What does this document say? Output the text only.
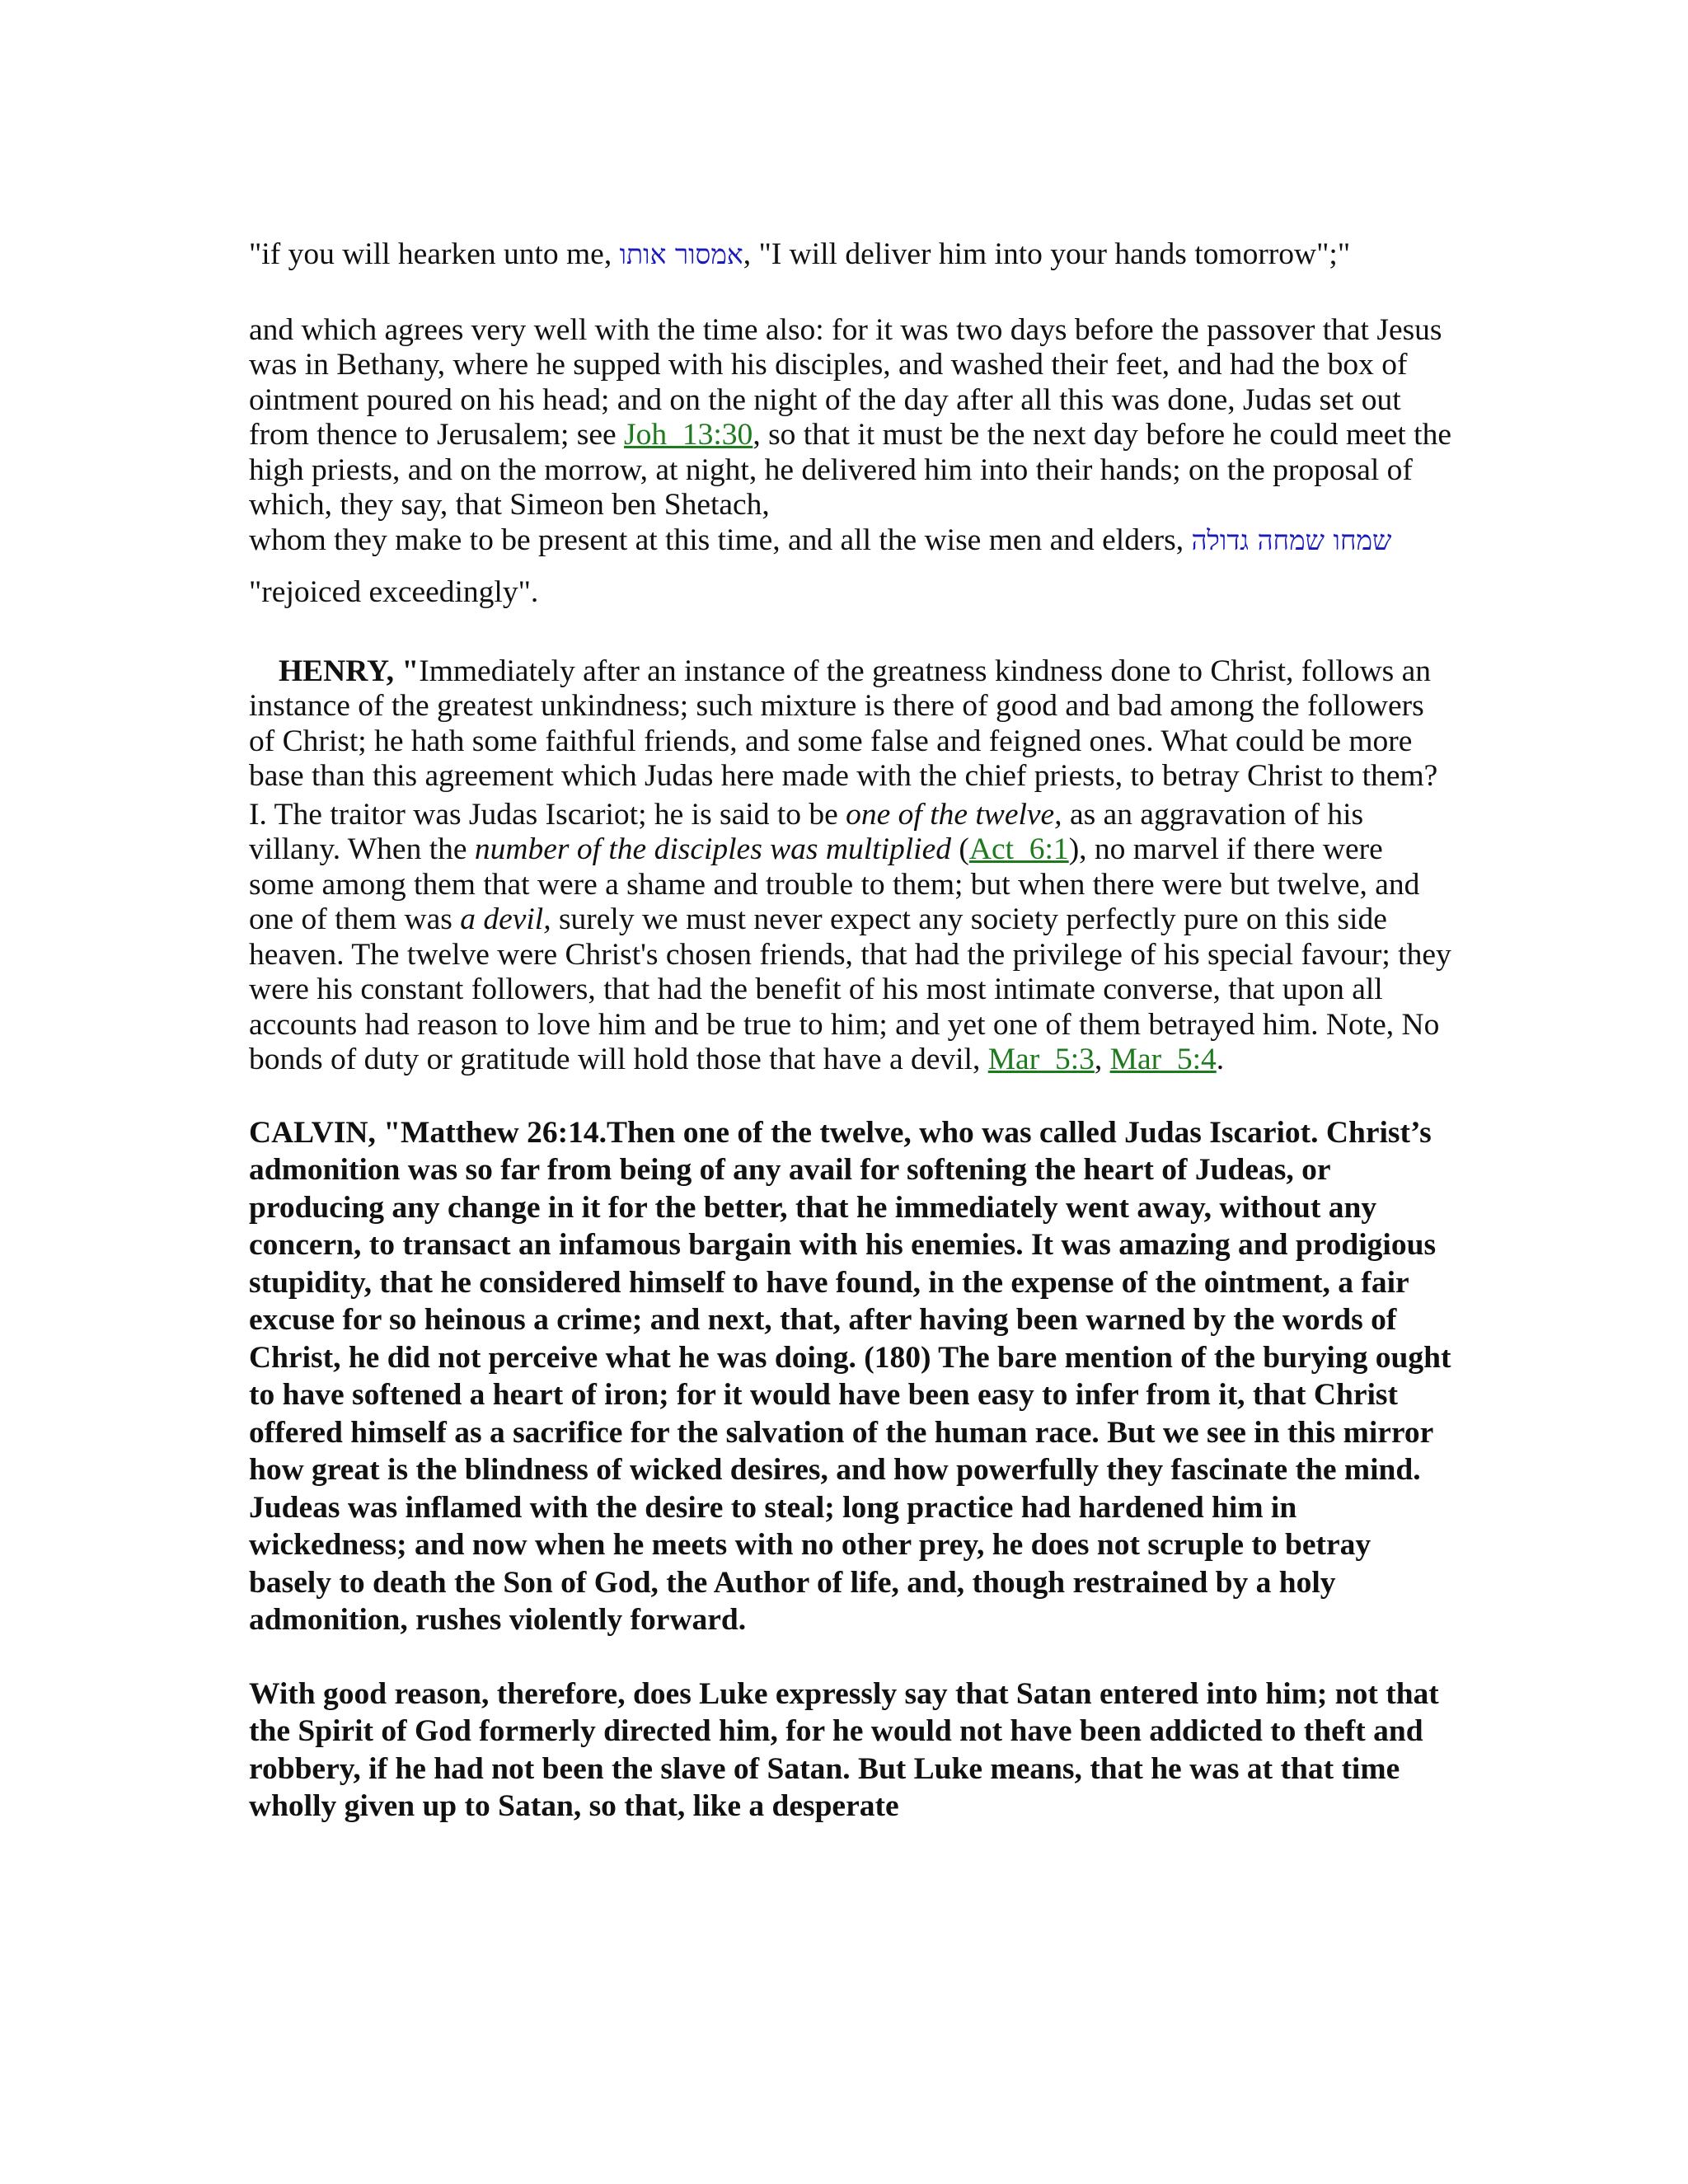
"if you will hearken unto me, אמסור אותו, "I will deliver him into your hands tomorrow";"

and which agrees very well with the time also: for it was two days before the passover that Jesus was in Bethany, where he supped with his disciples, and washed their feet, and had the box of ointment poured on his head; and on the night of the day after all this was done, Judas set out from thence to Jerusalem; see Joh_13:30, so that it must be the next day before he could meet the high priests, and on the morrow, at night, he delivered him into their hands; on the proposal of which, they say, that Simeon ben Shetach,

whom they make to be present at this time, and all the wise men and elders, שמחו שמחה גדולה "rejoiced exceedingly".

HENRY, "Immediately after an instance of the greatness kindness done to Christ, follows an instance of the greatest unkindness; such mixture is there of good and bad among the followers of Christ; he hath some faithful friends, and some false and feigned ones. What could be more base than this agreement which Judas here made with the chief priests, to betray Christ to them?

I. The traitor was Judas Iscariot; he is said to be one of the twelve, as an aggravation of his villany. When the number of the disciples was multiplied (Act_6:1), no marvel if there were some among them that were a shame and trouble to them; but when there were but twelve, and one of them was a devil, surely we must never expect any society perfectly pure on this side heaven. The twelve were Christ's chosen friends, that had the privilege of his special favour; they were his constant followers, that had the benefit of his most intimate converse, that upon all accounts had reason to love him and be true to him; and yet one of them betrayed him. Note, No bonds of duty or gratitude will hold those that have a devil, Mar_5:3, Mar_5:4.

CALVIN, "Matthew 26:14.Then one of the twelve, who was called Judas Iscariot. Christ’s admonition was so far from being of any avail for softening the heart of Judeas, or producing any change in it for the better, that he immediately went away, without any concern, to transact an infamous bargain with his enemies. It was amazing and prodigious stupidity, that he considered himself to have found, in the expense of the ointment, a fair excuse for so heinous a crime; and next, that, after having been warned by the words of Christ, he did not perceive what he was doing. (180) The bare mention of the burying ought to have softened a heart of iron; for it would have been easy to infer from it, that Christ offered himself as a sacrifice for the salvation of the human race. But we see in this mirror how great is the blindness of wicked desires, and how powerfully they fascinate the mind. Judeas was inflamed with the desire to steal; long practice had hardened him in wickedness; and now when he meets with no other prey, he does not scruple to betray basely to death the Son of God, the Author of life, and, though restrained by a holy admonition, rushes violently forward.

With good reason, therefore, does Luke expressly say that Satan entered into him; not that the Spirit of God formerly directed him, for he would not have been addicted to theft and robbery, if he had not been the slave of Satan. But Luke means, that he was at that time wholly given up to Satan, so that, like a desperate
